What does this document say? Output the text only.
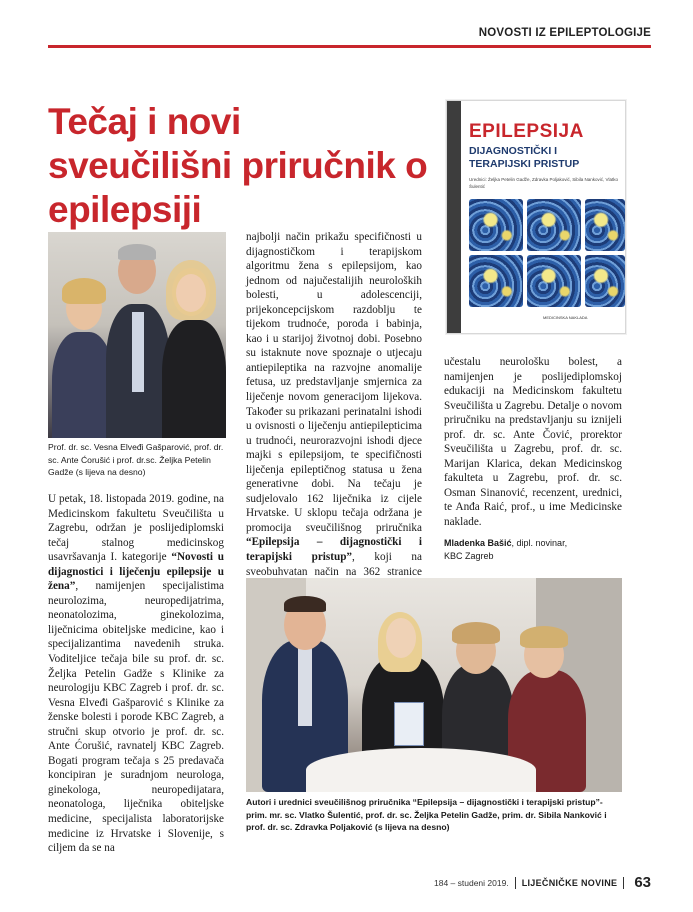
NOVOSTI IZ EPILEPTOLOGIJE
Tečaj i novi sveučilišni priručnik o epilepsiji
Prof. dr. sc. Vesna Elveđi Gašparović, prof. dr. sc. Ante Ćorušić i prof. dr.sc. Željka Petelin Gadže (s lijeva na desno)
U petak, 18. listopada 2019. godine, na Medicinskom fakultetu Sveučilišta u Zagrebu, održan je poslijediplomski tečaj stalnog medicinskog usavršavanja I. kategorije “Novosti u dijagnostici i liječenju epilepsije u žena”, namijenjen specijalistima neurolozima, neuropedijatrima, neonatolozima, ginekolozima, liječnicima obiteljske medicine, kao i specijalizantima navedenih struka. Voditeljice tečaja bile su prof. dr. sc. Željka Petelin Gadže s Klinike za neurologiju KBC Zagreb i prof. dr. sc. Vesna Elveđi Gašparović s Klinike za ženske bolesti i porode KBC Zagreb, a stručni skup otvorio je prof. dr. sc. Ante Ćorušić, ravnatelj KBC Zagreb. Bogati program tečaja s 25 predavača koncipiran je suradnjom neurologa, ginekologa, neuropedijatara, neonatologa, liječnika obiteljske medicine, specijalista laboratorijske medicine iz Hrvatske i Slovenije, s ciljem da se na
najbolji način prikažu specifičnosti u dijagnostičkom i terapijskom algoritmu žena s epilepsijom, kao jednom od najučestalijih neuroloških bolesti, u adolescenciji, prijekoncepcijskom razdoblju te tijekom trudnoće, poroda i babinja, kao i u starijoj životnoj dobi. Posebno su istaknute nove spoznaje o utjecaju antiepileptika na razvojne anomalije fetusa, uz predstavljanje smjernica za liječenje novom generacijom lijekova. Također su prikazani perinatalni ishodi u ovisnosti o liječenju antiepilepticima u trudnoći, neurorazvojni ishodi djece majki s epilepsijom, te specifičnosti liječenja epileptičnog statusa u žena generativne dobi. Na tečaju je sudjelovalo 162 liječnika iz cijele Hrvatske. U sklopu tečaja održana je promocija sveučilišnog priručnika “Epilepsija – dijagnostički i terapijski pristup”, koji na sveobuhvatan način na 362 stranice
EPILEPSIJA
DIJAGNOSTIČKI I TERAPIJSKI PRISTUP
Urednici: Željka Petelin Gadže, Zdravka Poljaković, Sibila Nanković, Vlatko Šulentić
MEDICINSKA NAKLADA
učestalu neurološku bolest, a namijenjen je poslijediplomskoj edukaciji na Medicinskom fakultetu Sveučilišta u Zagrebu. Detalje o novom priručniku na predstavljanju su iznijeli prof. dr. sc. Ante Čović, prorektor Sveučilišta u Zagrebu, prof. dr. sc. Marijan Klarica, dekan Medicinskog fakulteta u Zagrebu, prof. dr. sc. Osman Sinanović, recenzent, urednici, te Anđa Raić, prof., u ime Medicinske naklade.
Mladenka Bašić, dipl. novinar,
KBC Zagreb
Autori i urednici sveučilišnog priručnika “Epilepsija – dijagnostički i terapijski pristup”- prim. mr. sc. Vlatko Šulentić, prof. dr. sc. Željka Petelin Gadže, prim. dr. Sibila Nanković i prof. dr. sc. Zdravka Poljaković (s lijeva na desno)
184 – studeni 2019. LIJEČNIČKE NOVINE 63
